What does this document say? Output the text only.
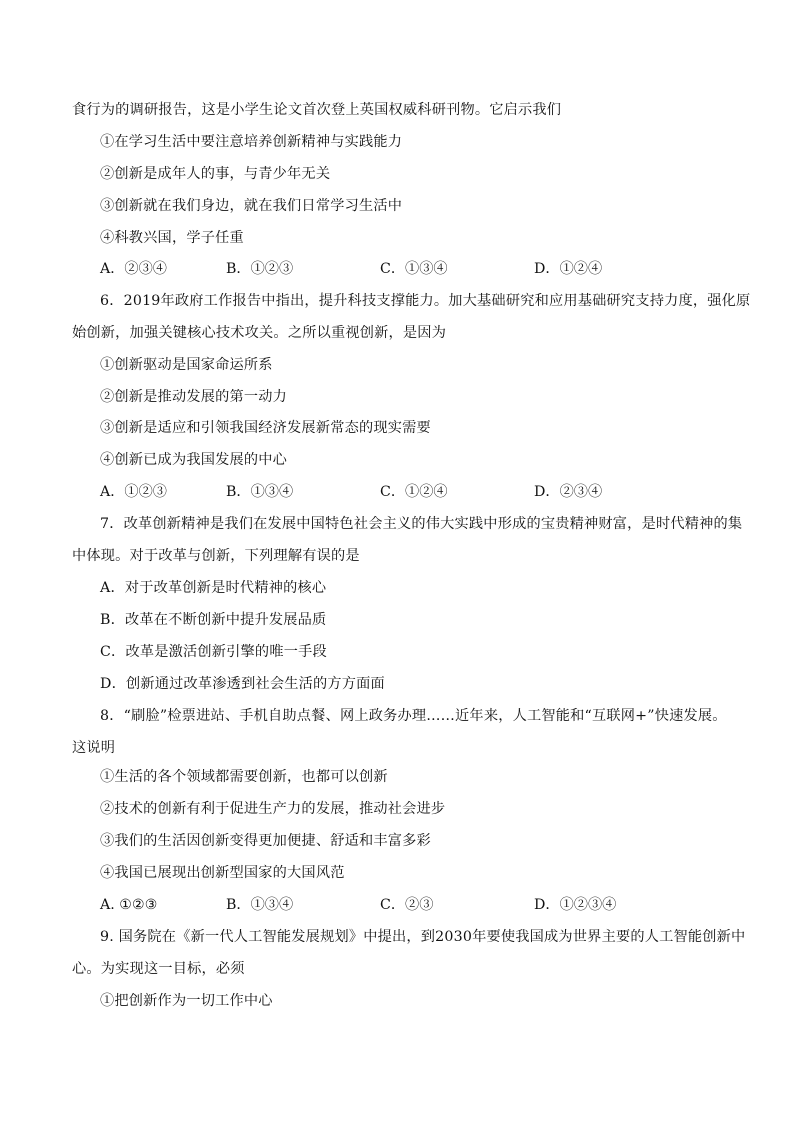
食行为的调研报告，这是小学生论文首次登上英国权威科研刊物。它启示我们
①在学习生活中要注意培养创新精神与实践能力
②创新是成年人的事，与青少年无关
③创新就在我们身边，就在我们日常学习生活中
④科教兴国，学子任重
A．②③④	B．①②③	C．①③④	D．①②④
6．2019年政府工作报告中指出，提升科技支撑能力。加大基础研究和应用基础研究支持力度，强化原
始创新，加强关键核心技术攻关。之所以重视创新，是因为
①创新驱动是国家命运所系
②创新是推动发展的第一动力
③创新是适应和引领我国经济发展新常态的现实需要
④创新已成为我国发展的中心
A．①②③	B．①③④	C．①②④	D．②③④
7．改革创新精神是我们在发展中国特色社会主义的伟大实践中形成的宝贵精神财富，是时代精神的集
中体现。对于改革与创新，下列理解有误的是
A．对于改革创新是时代精神的核心
B．改革在不断创新中提升发展品质
C．改革是激活创新引擎的唯一手段
D．创新通过改革渗透到社会生活的方方面面
8．“刷脸”检票进站、手机自助点餐、网上政务办理……近年来，人工智能和“互联网+”快速发展。
这说明
①生活的各个领域都需要创新，也都可以创新
②技术的创新有利于促进生产力的发展，推动社会进步
③我们的生活因创新变得更加便捷、舒适和丰富多彩
④我国已展现出创新型国家的大国风范
A. ①②③	B．①③④	C．②③	D．①②③④
9. 国务院在《新一代人工智能发展规划》中提出，到2030年要使我国成为世界主要的人工智能创新中
心。为实现这一目标，必须
①把创新作为一切工作中心
